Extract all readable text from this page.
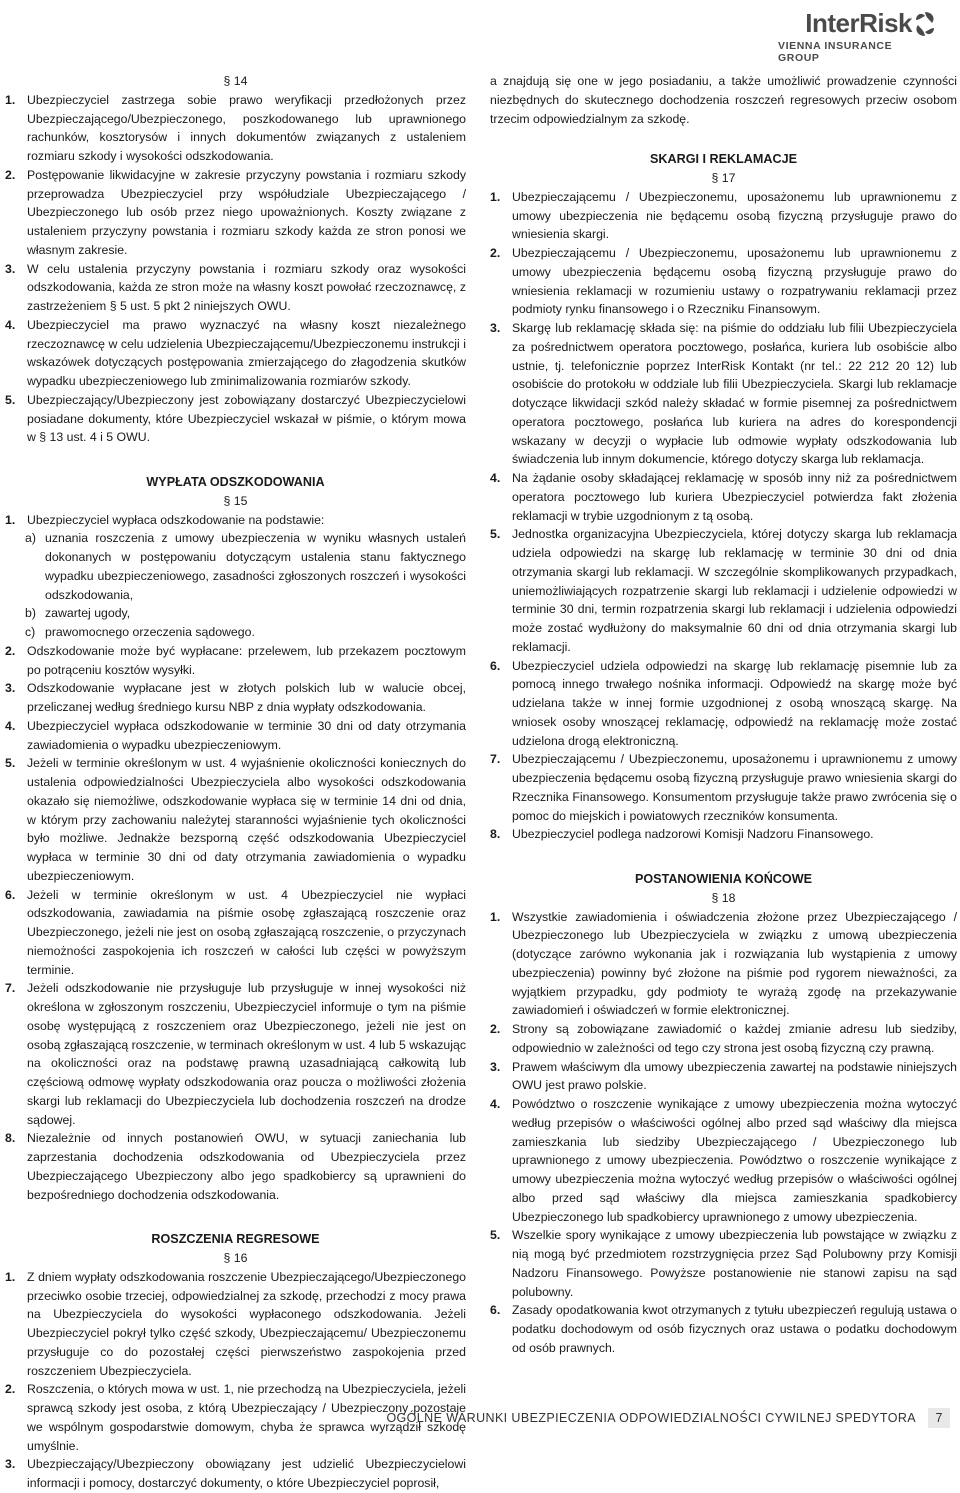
InterRisk
VIENNA INSURANCE GROUP
§ 14

1. Ubezpieczyciel zastrzega sobie prawo weryfikacji przedłożonych przez Ubezpieczającego/Ubezpieczonego, poszkodowanego lub uprawnionego rachunków, kosztorysów i innych dokumentów związanych z ustaleniem rozmiaru szkody i wysokości odszkodowania.

2. Postępowanie likwidacyjne w zakresie przyczyny powstania i rozmiaru szkody przeprowadza Ubezpieczyciel przy współudziale Ubezpieczającego / Ubezpieczonego lub osób przez niego upoważnionych. Koszty związane z ustaleniem przyczyny powstania i rozmiaru szkody każda ze stron ponosi we własnym zakresie.

3. W celu ustalenia przyczyny powstania i rozmiaru szkody oraz wysokości odszkodowania, każda ze stron może na własny koszt powołać rzeczoznawcę, z zastrzeżeniem § 5 ust. 5 pkt 2 niniejszych OWU.

4. Ubezpieczyciel ma prawo wyznaczyć na własny koszt niezależnego rzeczoznawcę w celu udzielenia Ubezpieczającemu/Ubezpieczonemu instrukcji i wskazówek dotyczących postępowania zmierzającego do złagodzenia skutków wypadku ubezpieczeniowego lub zminimalizowania rozmiarów szkody.

5. Ubezpieczający/Ubezpieczony jest zobowiązany dostarczyć Ubezpieczycielowi posiadane dokumenty, które Ubezpieczyciel wskazał w piśmie, o którym mowa w § 13 ust. 4 i 5 OWU.

WYPŁATA ODSZKODOWANIA
§ 15

1. Ubezpieczyciel wypłaca odszkodowanie na podstawie:

a) uznania roszczenia z umowy ubezpieczenia w wyniku własnych ustaleń dokonanych w postępowaniu dotyczącym ustalenia stanu faktycznego wypadku ubezpieczeniowego, zasadności zgłoszonych roszczeń i wysokości odszkodowania,

b) zawartej ugody,

c) prawomocnego orzeczenia sądowego.

2. Odszkodowanie może być wypłacane: przelewem, lub przekazem pocztowym po potrąceniu kosztów wysyłki.

3. Odszkodowanie wypłacane jest w złotych polskich lub w walucie obcej, przeliczanej według średniego kursu NBP z dnia wypłaty odszkodowania.

4. Ubezpieczyciel wypłaca odszkodowanie w terminie 30 dni od daty otrzymania zawiadomienia o wypadku ubezpieczeniowym.

5. Jeżeli w terminie określonym w ust. 4 wyjaśnienie okoliczności koniecznych do ustalenia odpowiedzialności Ubezpieczyciela albo wysokości odszkodowania okazało się niemożliwe, odszkodowanie wypłaca się w terminie 14 dni od dnia, w którym przy zachowaniu należytej staranności wyjaśnienie tych okoliczności było możliwe. Jednakże bezsporną część odszkodowania Ubezpieczyciel wypłaca w terminie 30 dni od daty otrzymania zawiadomienia o wypadku ubezpieczeniowym.

6. Jeżeli w terminie określonym w ust. 4 Ubezpieczyciel nie wypłaci odszkodowania, zawiadamia na piśmie osobę zgłaszającą roszczenie oraz Ubezpieczonego, jeżeli nie jest on osobą zgłaszającą roszczenie, o przyczynach niemożności zaspokojenia ich roszczeń w całości lub części w powyższym terminie.

7. Jeżeli odszkodowanie nie przysługuje lub przysługuje w innej wysokości niż określona w zgłoszonym roszczeniu, Ubezpieczyciel informuje o tym na piśmie osobę występującą z roszczeniem oraz Ubezpieczonego, jeżeli nie jest on osobą zgłaszającą roszczenie, w terminach określonym w ust. 4 lub 5 wskazując na okoliczności oraz na podstawę prawną uzasadniającą całkowitą lub częściową odmowę wypłaty odszkodowania oraz poucza o możliwości złożenia skargi lub reklamacji do Ubezpieczyciela lub dochodzenia roszczeń na drodze sądowej.

8. Niezależnie od innych postanowień OWU, w sytuacji zaniechania lub zaprzestania dochodzenia odszkodowania od Ubezpieczyciela przez Ubezpieczającego Ubezpieczony albo jego spadkobiercy są uprawnieni do bezpośredniego dochodzenia odszkodowania.

ROSZCZENIA REGRESOWE
§ 16

1. Z dniem wypłaty odszkodowania roszczenie Ubezpieczającego/Ubezpieczonego przeciwko osobie trzeciej, odpowiedzialnej za szkodę, przechodzi z mocy prawa na Ubezpieczyciela do wysokości wypłaconego odszkodowania. Jeżeli Ubezpieczyciel pokrył tylko część szkody, Ubezpieczającemu/ Ubezpieczonemu przysługuje co do pozostałej części pierwszeństwo zaspokojenia przed roszczeniem Ubezpieczyciela.

2. Roszczenia, o których mowa w ust. 1, nie przechodzą na Ubezpieczyciela, jeżeli sprawcą szkody jest osoba, z którą Ubezpieczający / Ubezpieczony pozostaje we wspólnym gospodarstwie domowym, chyba że sprawca wyrządził szkodę umyślnie.

3. Ubezpieczający/Ubezpieczony obowiązany jest udzielić Ubezpieczycielowi informacji i pomocy, dostarczyć dokumenty, o które Ubezpieczyciel poprosił,

a znajdują się one w jego posiadaniu, a także umożliwić prowadzenie czynności niezbędnych do skutecznego dochodzenia roszczeń regresowych przeciw osobom trzecim odpowiedzialnym za szkodę.

SKARGI I REKLAMACJE
§ 17

1. Ubezpieczającemu / Ubezpieczonemu, uposażonemu lub uprawnionemu z umowy ubezpieczenia nie będącemu osobą fizyczną przysługuje prawo do wniesienia skargi.

2. Ubezpieczającemu / Ubezpieczonemu, uposażonemu lub uprawnionemu z umowy ubezpieczenia będącemu osobą fizyczną przysługuje prawo do wniesienia reklamacji w rozumieniu ustawy o rozpatrywaniu reklamacji przez podmioty rynku finansowego i o Rzeczniku Finansowym.

3. Skargę lub reklamację składa się: na piśmie do oddziału lub filii Ubezpieczyciela za pośrednictwem operatora pocztowego, posłańca, kuriera lub osobiście albo ustnie, tj. telefonicznie poprzez InterRisk Kontakt (nr tel.: 22 212 20 12) lub osobiście do protokołu w oddziale lub filii Ubezpieczyciela. Skargi lub reklamacje dotyczące likwidacji szkód należy składać w formie pisemnej za pośrednictwem operatora pocztowego, posłańca lub kuriera na adres do korespondencji wskazany w decyzji o wypłacie lub odmowie wypłaty odszkodowania lub świadczenia lub innym dokumencie, którego dotyczy skarga lub reklamacja.

4. Na żądanie osoby składającej reklamację w sposób inny niż za pośrednictwem operatora pocztowego lub kuriera Ubezpieczyciel potwierdza fakt złożenia reklamacji w trybie uzgodnionym z tą osobą.

5. Jednostka organizacyjna Ubezpieczyciela, której dotyczy skarga lub reklamacja udziela odpowiedzi na skargę lub reklamację w terminie 30 dni od dnia otrzymania skargi lub reklamacji. W szczególnie skomplikowanych przypadkach, uniemożliwiających rozpatrzenie skargi lub reklamacji i udzielenie odpowiedzi w terminie 30 dni, termin rozpatrzenia skargi lub reklamacji i udzielenia odpowiedzi może zostać wydłużony do maksymalnie 60 dni od dnia otrzymania skargi lub reklamacji.

6. Ubezpieczyciel udziela odpowiedzi na skargę lub reklamację pisemnie lub za pomocą innego trwałego nośnika informacji. Odpowiedź na skargę może być udzielana także w innej formie uzgodnionej z osobą wnoszącą skargę. Na wniosek osoby wnoszącej reklamację, odpowiedź na reklamację może zostać udzielona drogą elektroniczną.

7. Ubezpieczającemu / Ubezpieczonemu, uposażonemu i uprawnionemu z umowy ubezpieczenia będącemu osobą fizyczną przysługuje prawo wniesienia skargi do Rzecznika Finansowego. Konsumentom przysługuje także prawo zwrócenia się o pomoc do miejskich i powiatowych rzeczników konsumenta.

8. Ubezpieczyciel podlega nadzorowi Komisji Nadzoru Finansowego.

POSTANOWIENIA KOŃCOWE
§ 18

1. Wszystkie zawiadomienia i oświadczenia złożone przez Ubezpieczającego / Ubezpieczonego lub Ubezpieczyciela w związku z umową ubezpieczenia (dotyczące zarówno wykonania jak i rozwiązania lub wystąpienia z umowy ubezpieczenia) powinny być złożone na piśmie pod rygorem nieważności, za wyjątkiem przypadku, gdy podmioty te wyrażą zgodę na przekazywanie zawiadomień i oświadczeń w formie elektronicznej.

2. Strony są zobowiązane zawiadomić o każdej zmianie adresu lub siedziby, odpowiednio w zależności od tego czy strona jest osobą fizyczną czy prawną.

3. Prawem właściwym dla umowy ubezpieczenia zawartej na podstawie niniejszych OWU jest prawo polskie.

4. Powództwo o roszczenie wynikające z umowy ubezpieczenia można wytoczyć według przepisów o właściwości ogólnej albo przed sąd właściwy dla miejsca zamieszkania lub siedziby Ubezpieczającego / Ubezpieczonego lub uprawnionego z umowy ubezpieczenia. Powództwo o roszczenie wynikające z umowy ubezpieczenia można wytoczyć według przepisów o właściwości ogólnej albo przed sąd właściwy dla miejsca zamieszkania spadkobiercy Ubezpieczonego lub spadkobiercy uprawnionego z umowy ubezpieczenia.

5. Wszelkie spory wynikające z umowy ubezpieczenia lub powstające w związku z nią mogą być przedmiotem rozstrzygnięcia przez Sąd Polubowny przy Komisji Nadzoru Finansowego. Powyższe postanowienie nie stanowi zapisu na sąd polubowny.

6. Zasady opodatkowania kwot otrzymanych z tytułu ubezpieczeń regulują ustawa o podatku dochodowym od osób fizycznych oraz ustawa o podatku dochodowym od osób prawnych.

OGÓLNE WARUNKI UBEZPIECZENIA ODPOWIEDZIALNOŚCI CYWILNEJ SPEDYTORA	7
